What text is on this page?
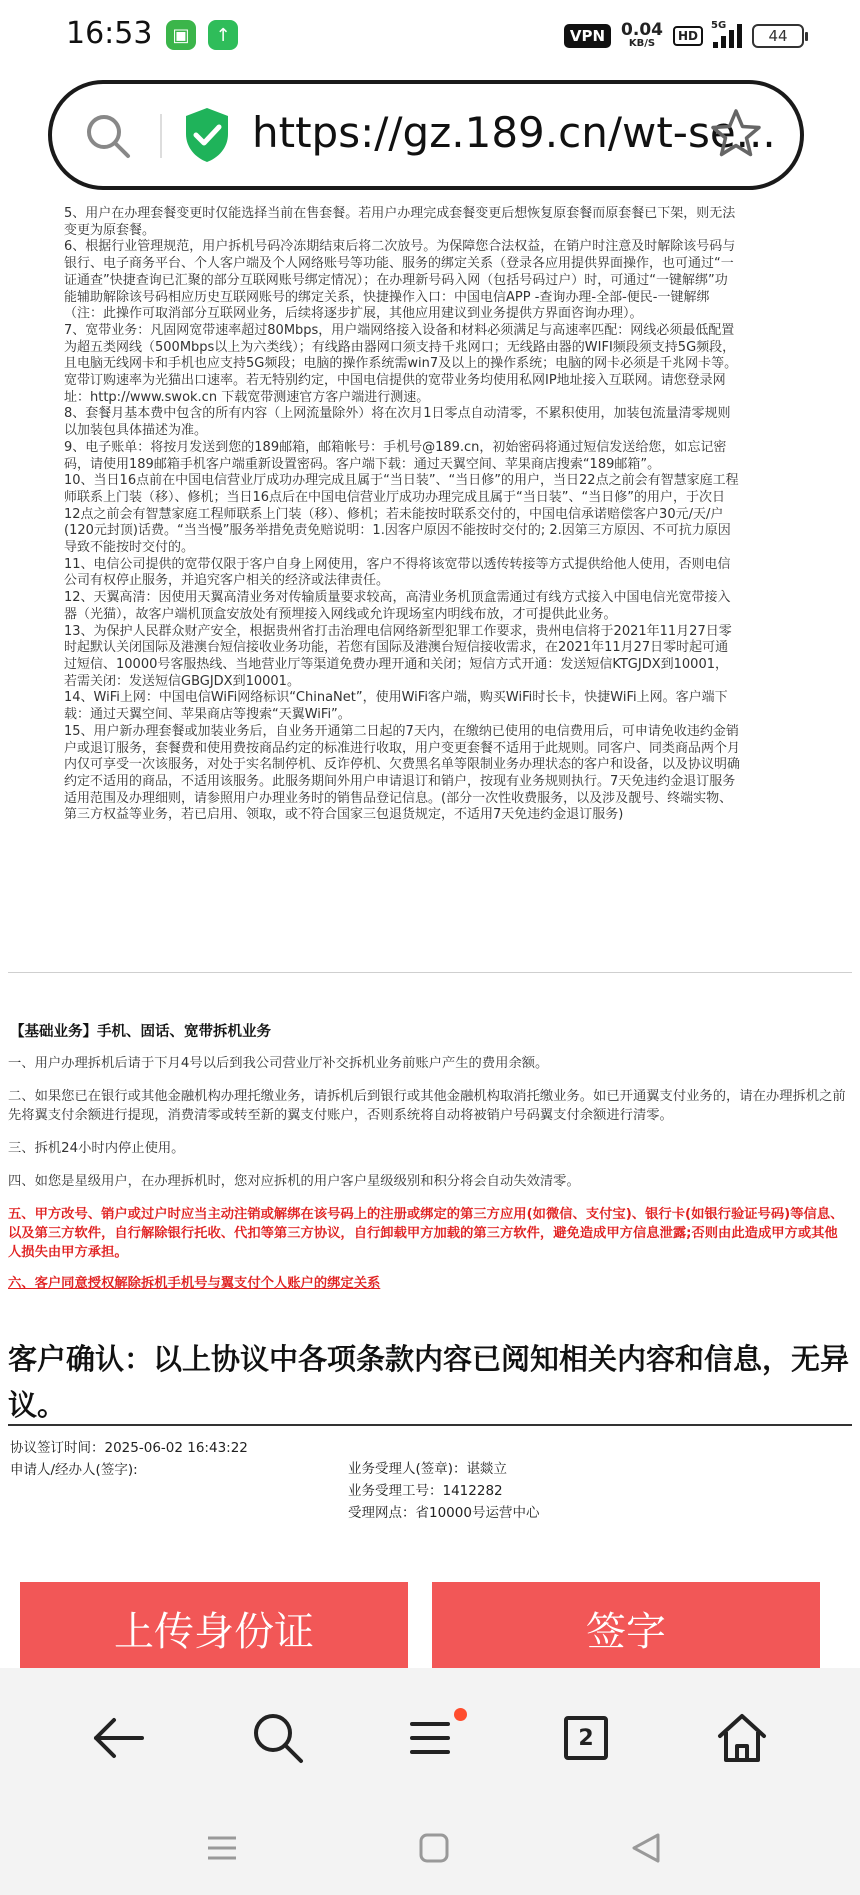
16:53	▣	↑	VPN 0.04
KB/S
HD
5G
44
https://gz.189.cn/wt-se...

5、用户在办理套餐变更时仅能选择当前在售套餐。若用户办理完成套餐变更后想恢复原套餐而原套餐已下架，则无法变更为原套餐。

6、根据行业管理规范，用户拆机号码冷冻期结束后将二次放号。为保障您合法权益，在销户时注意及时解除该号码与银行、电子商务平台、个人客户端及个人网络账号等功能、服务的绑定关系（登录各应用提供界面操作，也可通过“一证通查”快捷查询已汇聚的部分互联网账号绑定情况）；在办理新号码入网（包括号码过户）时，可通过“一键解绑”功能辅助解除该号码相应历史互联网账号的绑定关系，快捷操作入口：中国电信APP -查询办理-全部-便民-一键解绑（注：此操作可取消部分互联网业务，后续将逐步扩展，其他应用建议到业务提供方界面咨询办理）。

7、宽带业务：凡固网宽带速率超过80Mbps，用户端网络接入设备和材料必须满足与高速率匹配：网线必须最低配置为超五类网线（500Mbps以上为六类线）；有线路由器网口须支持千兆网口；无线路由器的WIFI频段须支持5G频段，且电脑无线网卡和手机也应支持5G频段；电脑的操作系统需win7及以上的操作系统；电脑的网卡必须是千兆网卡等。宽带订购速率为光猫出口速率。若无特别约定，中国电信提供的宽带业务均使用私网IP地址接入互联网。请您登录网址：http://www.swok.cn 下载宽带测速官方客户端进行测速。

8、套餐月基本费中包含的所有内容（上网流量除外）将在次月1日零点自动清零，不累积使用，加装包流量清零规则以加装包具体描述为准。

9、电子账单：将按月发送到您的189邮箱，邮箱帐号：手机号@189.cn，初始密码将通过短信发送给您，如忘记密码，请使用189邮箱手机客户端重新设置密码。客户端下载：通过天翼空间、苹果商店搜索“189邮箱”。

10、当日16点前在中国电信营业厅成功办理完成且属于“当日装”、“当日修”的用户，当日22点之前会有智慧家庭工程师联系上门装（移）、修机；当日16点后在中国电信营业厅成功办理完成且属于“当日装”、“当日修”的用户，于次日12点之前会有智慧家庭工程师联系上门装（移）、修机；若未能按时联系交付的，中国电信承诺赔偿客户30元/天/户(120元封顶)话费。“当当慢”服务举措免责免赔说明：1.因客户原因不能按时交付的; 2.因第三方原因、不可抗力原因导致不能按时交付的。

11、电信公司提供的宽带仅限于客户自身上网使用，客户不得将该宽带以透传转接等方式提供给他人使用，否则电信公司有权停止服务，并追究客户相关的经济或法律责任。

12、天翼高清：因使用天翼高清业务对传输质量要求较高，高清业务机顶盒需通过有线方式接入中国电信光宽带接入器（光猫），故客户端机顶盒安放处有预埋接入网线或允许现场室内明线布放，才可提供此业务。

13、为保护人民群众财产安全，根据贵州省打击治理电信网络新型犯罪工作要求，贵州电信将于2021年11月27日零时起默认关闭国际及港澳台短信接收业务功能，若您有国际及港澳台短信接收需求，在2021年11月27日零时起可通过短信、10000号客服热线、当地营业厅等渠道免费办理开通和关闭；短信方式开通：发送短信KTGJDX到10001，若需关闭：发送短信GBGJDX到10001。

14、WiFi上网：中国电信WiFi网络标识“ChinaNet”，使用WiFi客户端，购买WiFi时长卡，快捷WiFi上网。客户端下载：通过天翼空间、苹果商店等搜索“天翼WiFi”。

15、用户新办理套餐或加装业务后，自业务开通第二日起的7天内，在缴纳已使用的电信费用后，可申请免收违约金销户或退订服务，套餐费和使用费按商品约定的标准进行收取，用户变更套餐不适用于此规则。同客户、同类商品两个月内仅可享受一次该服务，对处于实名制停机、反诈停机、欠费黑名单等限制业务办理状态的客户和设备，以及协议明确约定不适用的商品，不适用该服务。此服务期间外用户申请退订和销户，按现有业务规则执行。7天免违约金退订服务适用范围及办理细则，请参照用户办理业务时的销售品登记信息。(部分一次性收费服务，以及涉及靓号、终端实物、第三方权益等业务，若已启用、领取，或不符合国家三包退货规定，不适用7天免违约金退订服务)

【基础业务】手机、固话、宽带拆机业务

一、用户办理拆机后请于下月4号以后到我公司营业厅补交拆机业务前账户产生的费用余额。

二、如果您已在银行或其他金融机构办理托缴业务，请拆机后到银行或其他金融机构取消托缴业务。如已开通翼支付业务的，请在办理拆机之前先将翼支付余额进行提现，消费清零或转至新的翼支付账户，否则系统将自动将被销户号码翼支付余额进行清零。

三、拆机24小时内停止使用。

四、如您是星级用户，在办理拆机时，您对应拆机的用户客户星级级别和积分将会自动失效清零。

五、甲方改号、销户或过户时应当主动注销或解绑在该号码上的注册或绑定的第三方应用(如微信、支付宝)、银行卡(如银行验证号码)等信息、以及第三方软件，自行解除银行托收、代扣等第三方协议，自行卸载甲方加载的第三方软件，避免造成甲方信息泄露;否则由此造成甲方或其他人损失由甲方承担。

六、客户同意授权解除拆机手机号与翼支付个人账户的绑定关系

客户确认：以上协议中各项条款内容已阅知相关内容和信息，无异议。
协议签订时间：2025-06-02 16:43:22
申请人/经办人(签字):	业务受理人(签章)：谌燚立
业务受理工号：1412282
受理网点：省10000号运营中心
上传身份证	签字
2
